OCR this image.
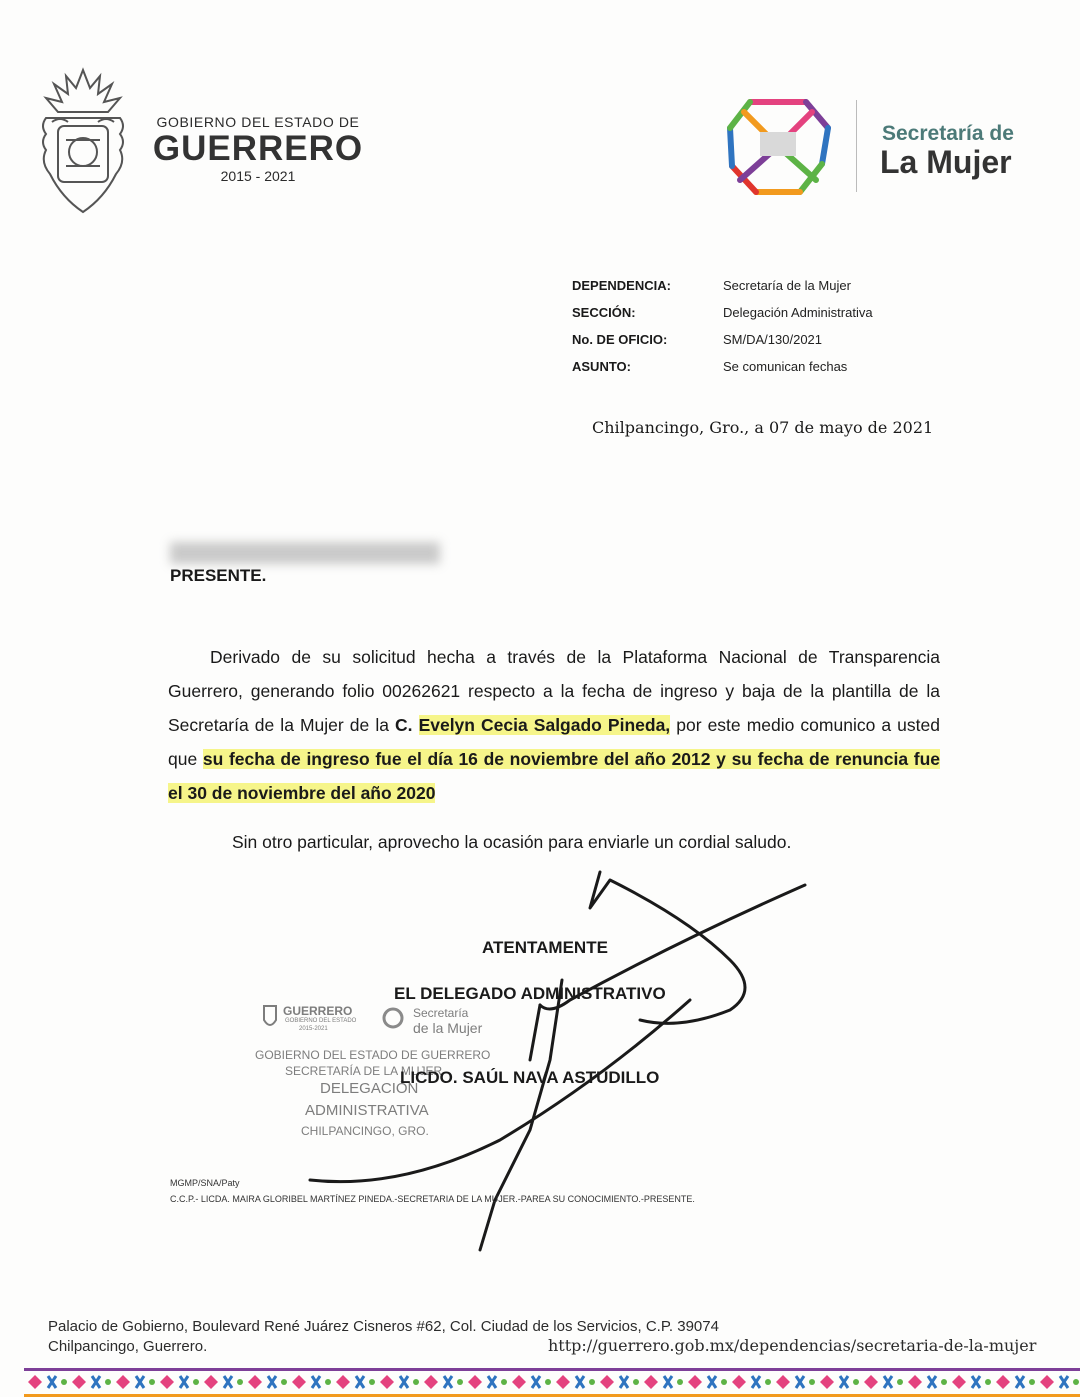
GOBIERNO DEL ESTADO DE
GUERRERO
2015 - 2021
Secretaría de
La Mujer
DEPENDENCIA:	Secretaría de la Mujer
SECCIÓN:	Delegación Administrativa
No. DE OFICIO:	SM/DA/130/2021
ASUNTO:	Se comunican fechas
Chilpancingo, Gro., a 07 de mayo de 2021
PRESENTE.

Derivado de su solicitud hecha a través de la Plataforma Nacional de Transparencia Guerrero, generando folio 00262621 respecto a la fecha de ingreso y baja de la plantilla de la Secretaría de la Mujer de la C. Evelyn Cecia Salgado Pineda, por este medio comunico a usted que su fecha de ingreso fue el día 16 de noviembre del año 2012 y su fecha de renuncia fue el 30 de noviembre del año 2020

Sin otro particular, aprovecho la ocasión para enviarle un cordial saludo.
ATENTAMENTE
EL DELEGADO ADMINISTRATIVO
GUERRERO
GOBIERNO DEL ESTADO
2015-2021
Secretaría
de la Mujer
GOBIERNO DEL ESTADO DE GUERRERO
SECRETARÍA DE LA MUJER
DELEGACIÓN
ADMINISTRATIVA
CHILPANCINGO, GRO.
LICDO. SAÚL NAVA ASTUDILLO
MGMP/SNA/Paty
C.C.P.- LICDA. MAIRA GLORIBEL MARTÍNEZ PINEDA.-SECRETARIA DE LA MUJER.-PAREA SU CONOCIMIENTO.-PRESENTE.
Palacio de Gobierno, Boulevard René Juárez Cisneros #62, Col. Ciudad de los Servicios, C.P. 39074
Chilpancingo, Guerrero.	http://guerrero.gob.mx/dependencias/secretaria-de-la-mujer
